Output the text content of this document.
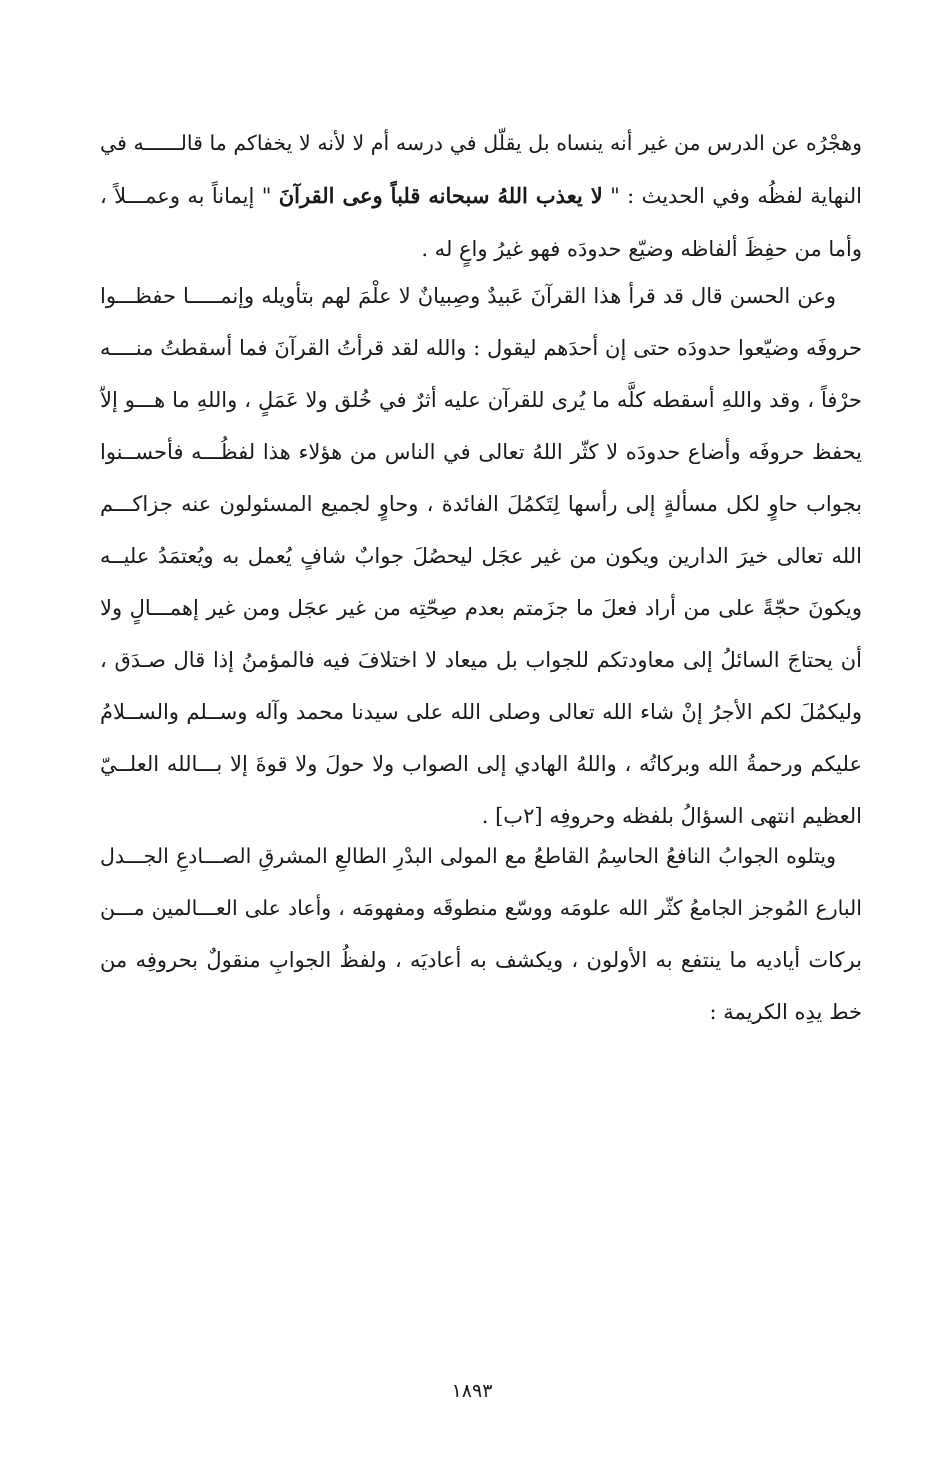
وهجْرُه عن الدرس من غير أنه ينساه بل يقلّل في درسه أم لا لأنه لا يخفاكم ما قالــــــه في
النهاية لفظُه وفي الحديث : " لا يعذب اللهُ سبحانه قلباً وعى القرآنَ " إيماناً به وعمـــلاً ،
وأما من حفِظَ ألفاظه وضيّع حدودَه فهو غيرُ واعٍ له .
وعن الحسن قال قد قرأ هذا القرآنَ عَبيدٌ وصِبيانٌ لا علْمَ لهم بتأويله وإنمـــــا حفظـــوا
حروفَه وضيّعوا حدودَه حتى إن أحدَهم ليقول : والله لقد قرأتُ القرآنَ فما أسقطتُ منــــه
حرْفاً ، وقد واللهِ أسقطه كلَّه ما يُرى للقرآن عليه أثرٌ في خُلق ولا عَمَلٍ ، واللهِ ما هـــو إلاّ
يحفظ حروفَه وأضاع حدودَه لا كثّر اللهُ تعالى في الناس من هؤلاء هذا لفظُـــه فأحســنوا
بجواب حاوٍ لكل مسألةٍ إلى رأسها لِتَكمُلَ الفائدة ، وحاوٍ لجميع المسئولون عنه جزاكـــم
الله تعالى خيرَ الدارين ويكون من غير عجَل ليحصُلَ جوابٌ شافٍ يُعمل به ويُعتمَدُ عليــه
ويكونَ حجّةً على من أراد فعلَ ما جزَمتم بعدم صِحّتِه من غير عجَل ومن غير إهمـــالٍ ولا
أن يحتاجَ السائلُ إلى معاودتكم للجواب بل ميعاد لا اختلافَ فيه فالمؤمنُ إذا قال صـدَق ،
وليكمُلَ لكم الأجرُ إنْ شاء الله تعالى وصلى الله على سيدنا محمد وآله وســلم والســلامُ
عليكم ورحمةُ الله وبركاتُه ، واللهُ الهادي إلى الصواب ولا حولَ ولا قوةَ إلا بـــالله العلــيّ
العظيم انتهى السؤالُ بلفظه وحروفِه [٢ب] .
ويتلوه الجوابُ النافعُ الحاسِمُ القاطعُ مع المولى البدْرِ الطالعِ المشرقِ الصـــادعِ الجـــدل
البارع المُوجز الجامعُ كثّر الله علومَه ووسّع منطوقَه ومفهومَه ، وأعاد على العـــالمين مـــن
بركات أياديه ما ينتفع به الأولون ، ويكشف به أعاديَه ، ولفظُ الجوابِ منقولٌ بحروفِه من
خط يدِه الكريمة :
١٨٩٣
